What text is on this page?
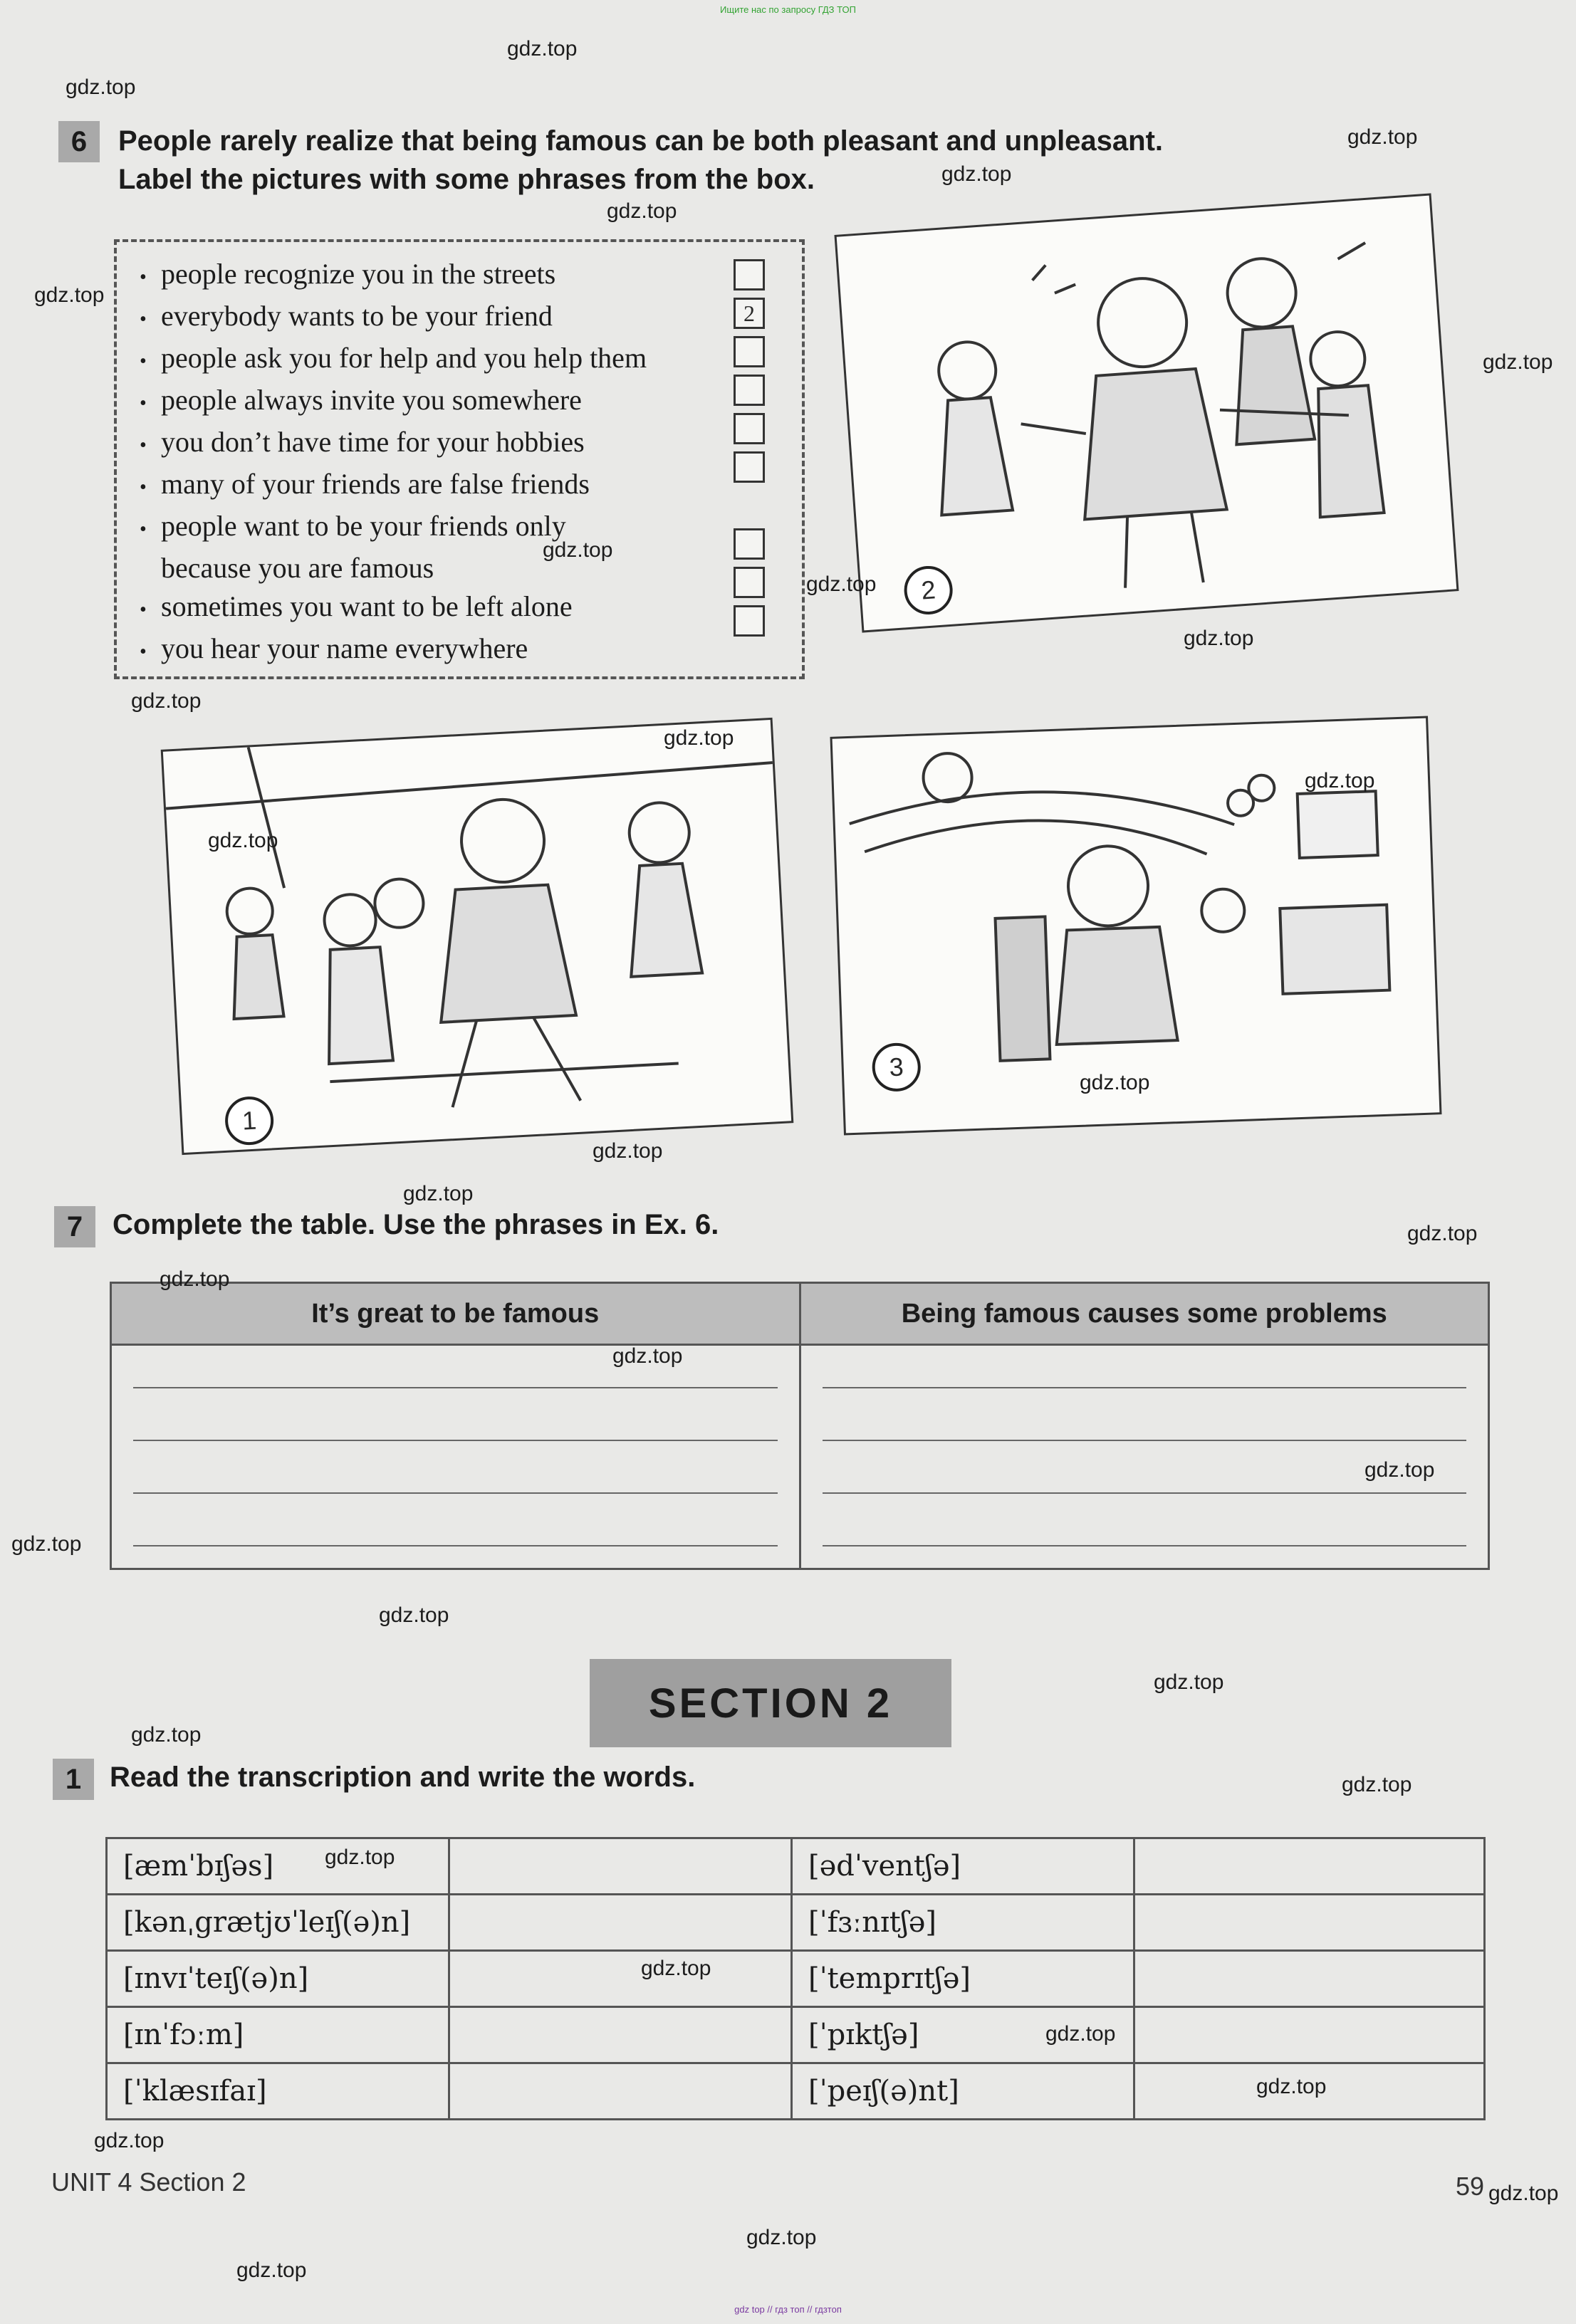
Ищите нас по запросу ГДЗ ТОП
gdz top // гдз топ // гдзтоп
6	People rarely realize that being famous can be both pleasant and unpleasant.
Label the pictures with some phrases from the box.
• people recognize you in the streets
• everybody wants to be your friend
• people ask you for help and you help them
• people always invite you somewhere
• you don’t have time for your hobbies
• many of your friends are false friends
• people want to be your friends only
because you are famous
• sometimes you want to be left alone
• you hear your name everywhere
2
2
1
3
7	Complete the table. Use the phrases in Ex. 6.
It’s great to be famous	Being famous causes some problems

SECTION 2
1 Read the transcription and write the words.
[æmˈbɪʃəs]		[ədˈventʃə]	
[kənˌgrætjʊˈleɪʃ(ə)n]		[ˈfɜːnɪtʃə]	
[ɪnvɪˈteɪʃ(ə)n]		[ˈtemprɪtʃə]	
[ɪnˈfɔːm]		[ˈpɪktʃə]	
[ˈklæsɪfaɪ]		[ˈpeɪʃ(ə)nt]	
UNIT 4 Section 2	59
gdz.top
gdz.top
gdz.top
gdz.top
gdz.top
gdz.top
gdz.top
gdz.top
gdz.top
gdz.top
gdz.top
gdz.top
gdz.top
gdz.top
gdz.top
gdz.top
gdz.top
gdz.top
gdz.top
gdz.top
gdz.top
gdz.top
gdz.top
gdz.top
gdz.top
gdz.top
gdz.top
gdz.top
gdz.top
gdz.top
gdz.top
gdz.top
gdz.top
gdz.top
